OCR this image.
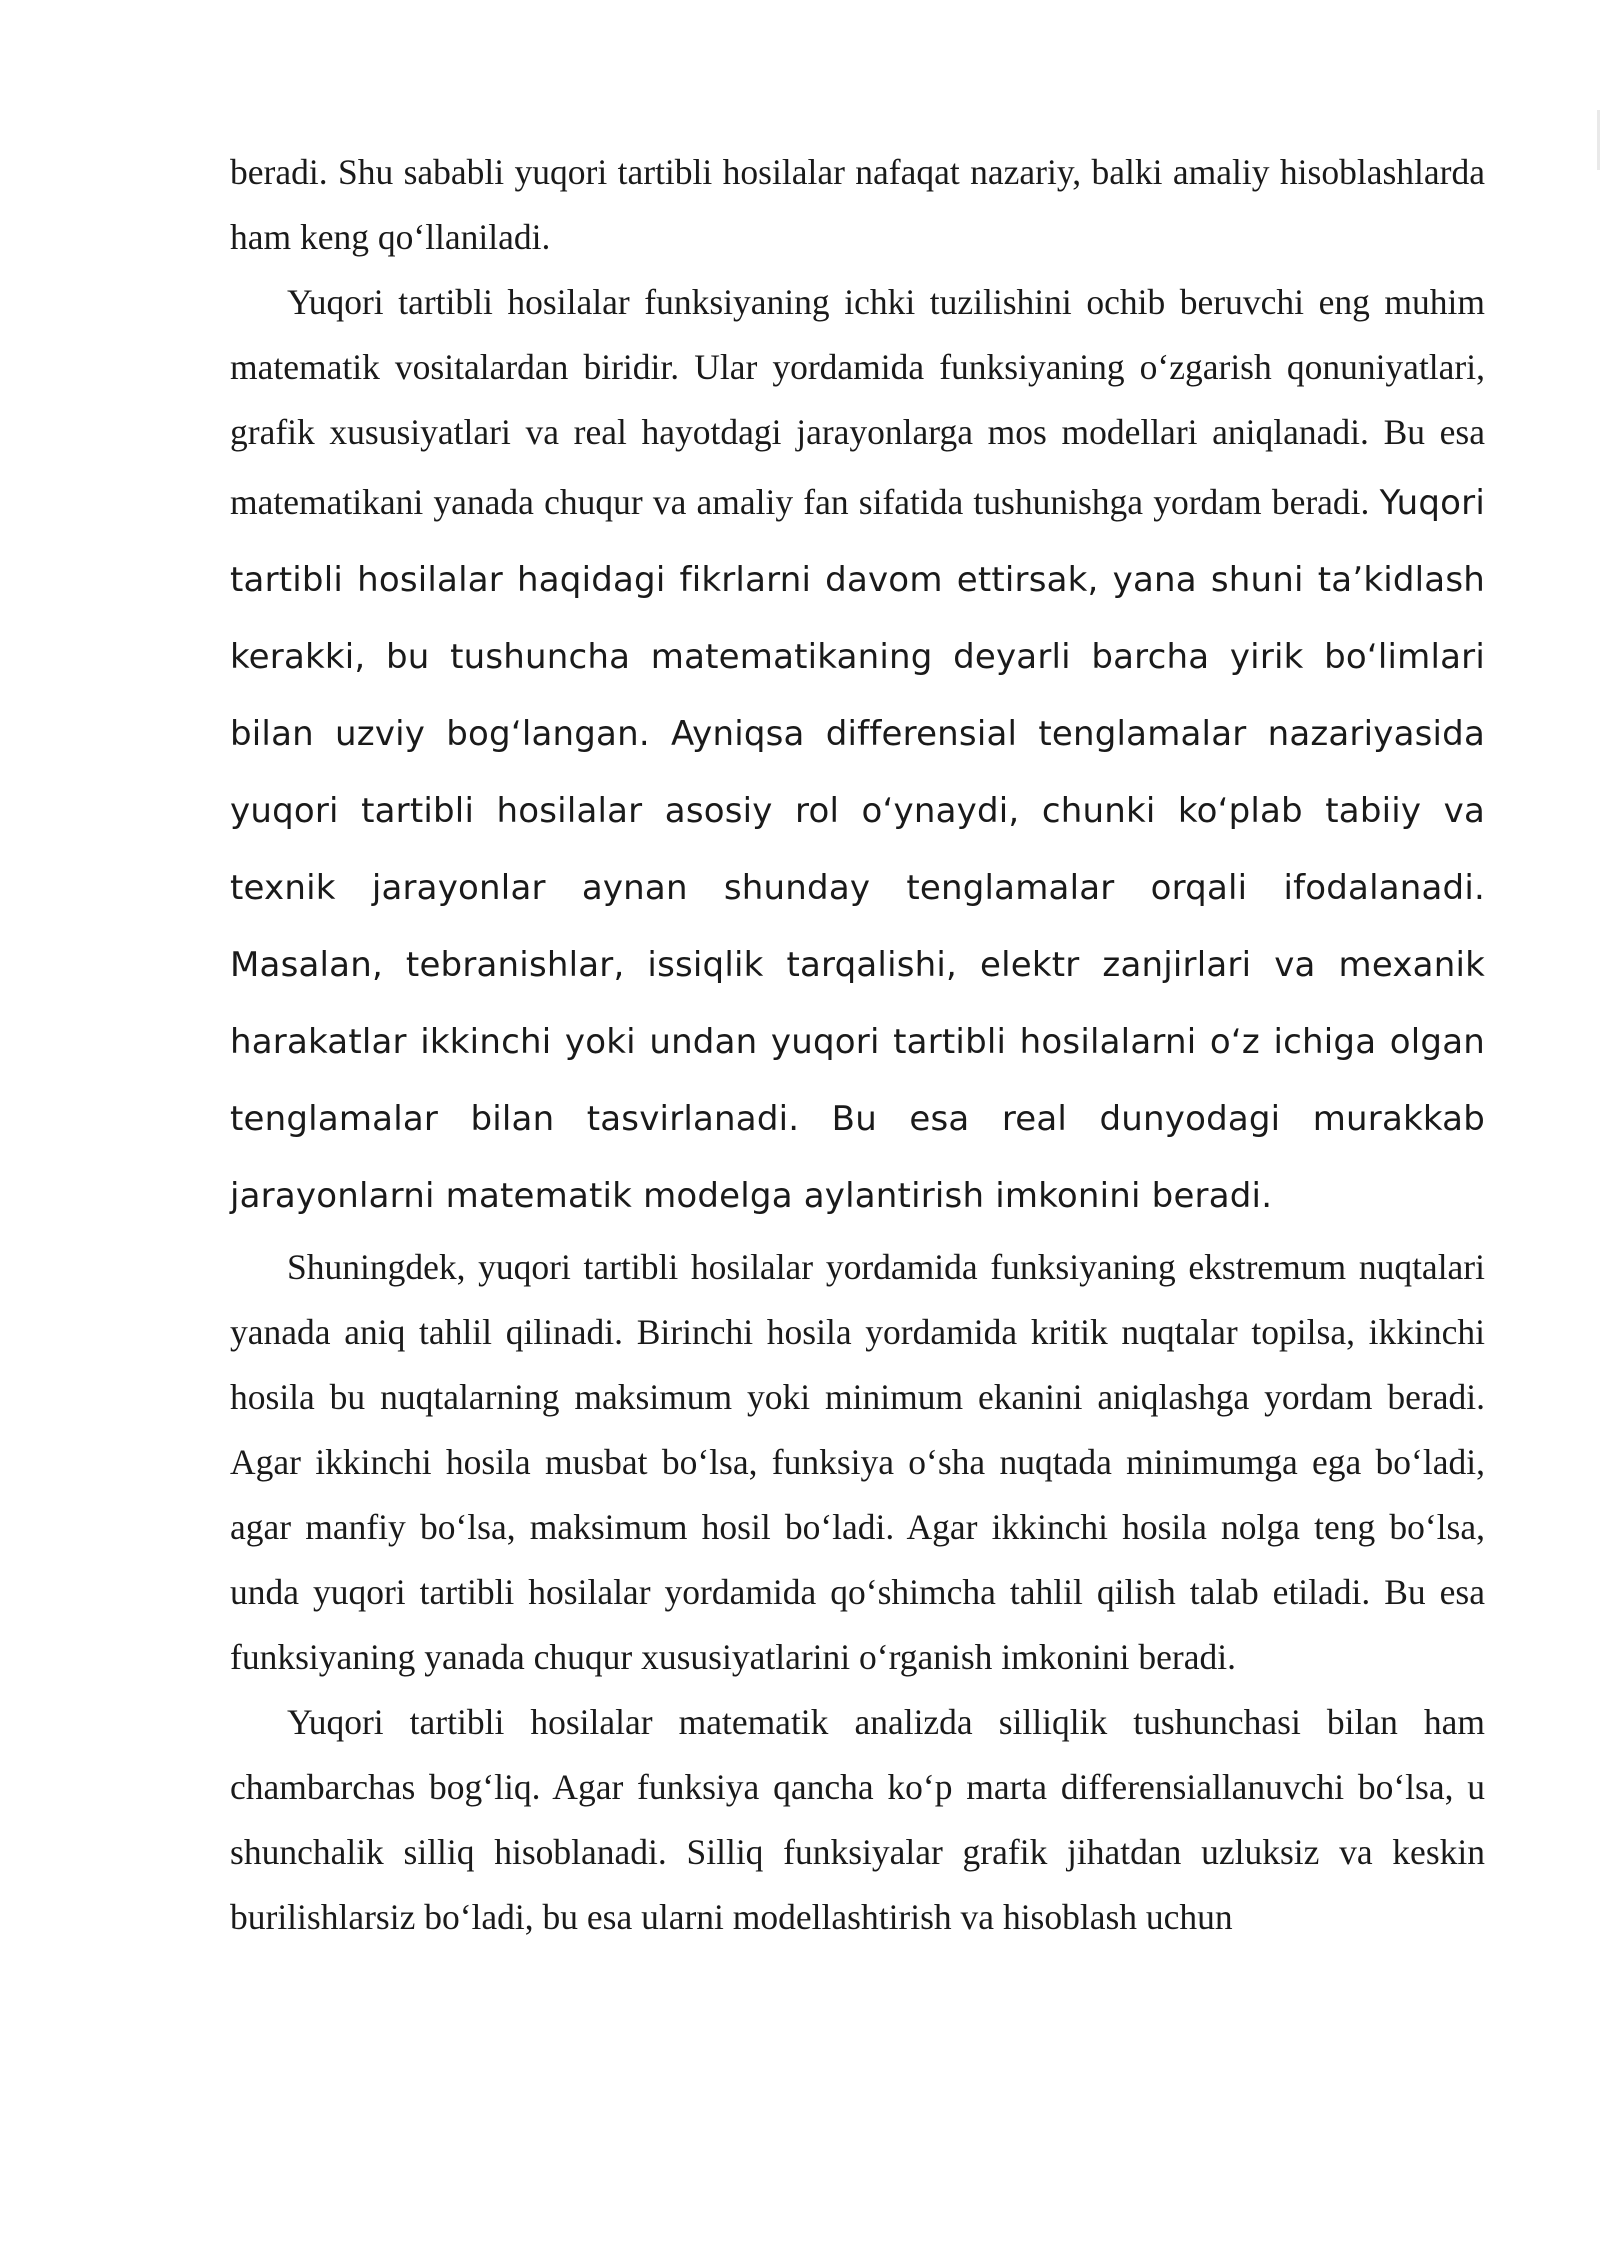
beradi. Shu sababli yuqori tartibli hosilalar nafaqat nazariy, balki amaliy hisoblashlarda ham keng qo‘llaniladi.

Yuqori tartibli hosilalar funksiyaning ichki tuzilishini ochib beruvchi eng muhim matematik vositalardan biridir. Ular yordamida funksiyaning o‘zgarish qonuniyatlari, grafik xususiyatlari va real hayotdagi jarayonlarga mos modellari aniqlanadi. Bu esa matematikani yanada chuqur va amaliy fan sifatida tushunishga yordam beradi. Yuqori tartibli hosilalar haqidagi fikrlarni davom ettirsak, yana shuni ta’kidlash kerakki, bu tushuncha matematikaning deyarli barcha yirik bo‘limlari bilan uzviy bog‘langan. Ayniqsa differensial tenglamalar nazariyasida yuqori tartibli hosilalar asosiy rol o‘ynaydi, chunki ko‘plab tabiiy va texnik jarayonlar aynan shunday tenglamalar orqali ifodalanadi. Masalan, tebranishlar, issiqlik tarqalishi, elektr zanjirlari va mexanik harakatlar ikkinchi yoki undan yuqori tartibli hosilalarni o‘z ichiga olgan tenglamalar bilan tasvirlanadi. Bu esa real dunyodagi murakkab jarayonlarni matematik modelga aylantirish imkonini beradi.

Shuningdek, yuqori tartibli hosilalar yordamida funksiyaning ekstremum nuqtalari yanada aniq tahlil qilinadi. Birinchi hosila yordamida kritik nuqtalar topilsa, ikkinchi hosila bu nuqtalarning maksimum yoki minimum ekanini aniqlashga yordam beradi. Agar ikkinchi hosila musbat bo‘lsa, funksiya o‘sha nuqtada minimumga ega bo‘ladi, agar manfiy bo‘lsa, maksimum hosil bo‘ladi. Agar ikkinchi hosila nolga teng bo‘lsa, unda yuqori tartibli hosilalar yordamida qo‘shimcha tahlil qilish talab etiladi. Bu esa funksiyaning yanada chuqur xususiyatlarini o‘rganish imkonini beradi.

Yuqori tartibli hosilalar matematik analizda silliqlik tushunchasi bilan ham chambarchas bog‘liq. Agar funksiya qancha ko‘p marta differensiallanuvchi bo‘lsa, u shunchalik silliq hisoblanadi. Silliq funksiyalar grafik jihatdan uzluksiz va keskin burilishlarsiz bo‘ladi, bu esa ularni modellashtirish va hisoblash uchun
